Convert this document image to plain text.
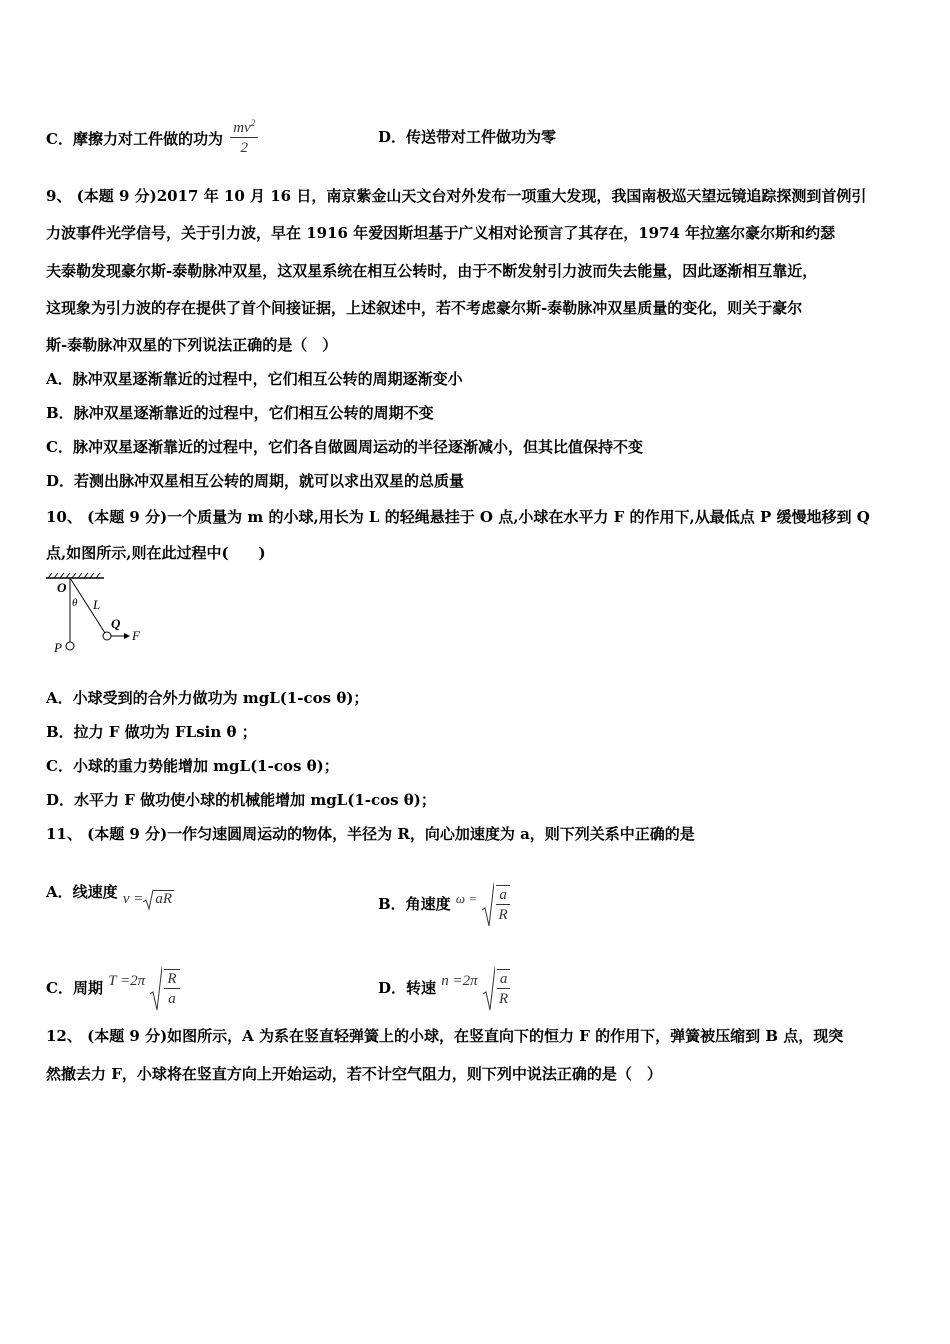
C．摩擦力对工件做的功为 $\frac{mv^2}{2}$	D．传送带对工件做功为零
9、 (本题 9 分)2017 年 10 月 16 日，南京紫金山天文台对外发布一项重大发现，我国南极巡天望远镜追踪探测到首例引
力波事件光学信号，关于引力波，早在 1916 年爱因斯坦基于广义相对论预言了其存在，1974 年拉塞尔豪尔斯和约瑟
夫泰勒发现豪尔斯-泰勒脉冲双星，这双星系统在相互公转时，由于不断发射引力波而失去能量，因此逐渐相互靠近，
这现象为引力波的存在提供了首个间接证据，上述叙述中，若不考虑豪尔斯-泰勒脉冲双星质量的变化，则关于豪尔
斯-泰勒脉冲双星的下列说法正确的是（　）
A．脉冲双星逐渐靠近的过程中，它们相互公转的周期逐渐变小
B．脉冲双星逐渐靠近的过程中，它们相互公转的周期不变
C．脉冲双星逐渐靠近的过程中，它们各自做圆周运动的半径逐渐减小，但其比值保持不变
D．若测出脉冲双星相互公转的周期，就可以求出双星的总质量
10、 (本题 9 分)一个质量为 m 的小球,用长为 L 的轻绳悬挂于 O 点,小球在水平力 F 的作用下,从最低点 P 缓慢地移到 Q
点,如图所示,则在此过程中(　　)
O
θ L
Q
F
P
A．小球受到的合外力做功为 mgL(1-cos θ)；
B．拉力 F 做功为 FLsin θ ；
C．小球的重力势能增加 mgL(1-cos θ)；
D．水平力 F 做功使小球的机械能增加 mgL(1-cos θ)；
11、 (本题 9 分)一作匀速圆周运动的物体，半径为 R，向心加速度为 a，则下列关系中正确的是
A．线速度 v = aR	B．角速度 $\omega = \frac{a}{R}$
C．周期 $T =2\pi \frac{R}{a}$	D．转速 $n =2\pi \frac{a}{R}$
12、 (本题 9 分)如图所示，A 为系在竖直轻弹簧上的小球，在竖直向下的恒力 F 的作用下，弹簧被压缩到 B 点，现突
然撤去力 F，小球将在竖直方向上开始运动，若不计空气阻力，则下列中说法正确的是（　）
